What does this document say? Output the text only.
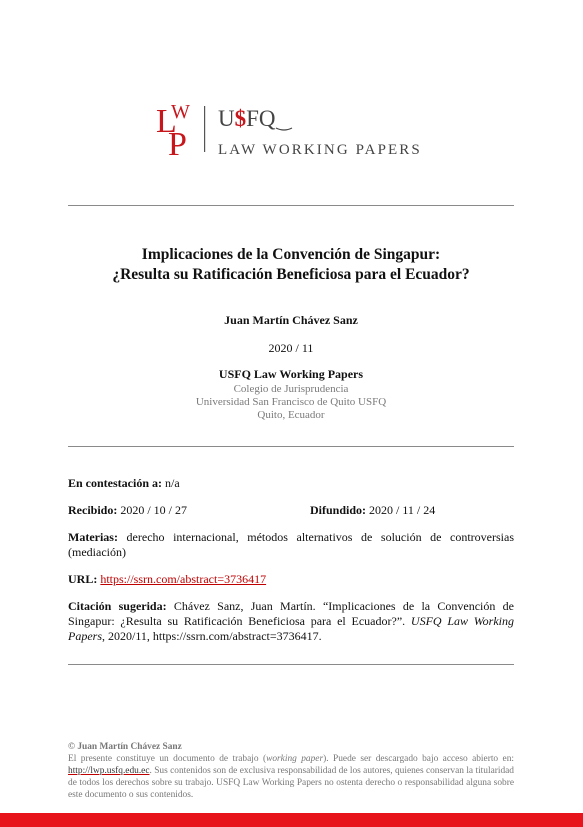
L
W
P
U$FQ
LAW WORKING PAPERS
Implicaciones de la Convención de Singapur:
¿Resulta su Ratificación Beneficiosa para el Ecuador?
Juan Martín Chávez Sanz
2020 / 11
USFQ Law Working Papers
Colegio de Jurisprudencia
Universidad San Francisco de Quito USFQ
Quito, Ecuador
En contestación a: n/a
Recibido: 2020 / 10 / 27	Difundido: 2020 / 11 / 24
Materias: derecho internacional, métodos alternativos de solución de controversias (mediación)
URL: https://ssrn.com/abstract=3736417
Citación sugerida: Chávez Sanz, Juan Martín. “Implicaciones de la Convención de Singapur: ¿Resulta su Ratificación Beneficiosa para el Ecuador?”. USFQ Law Working Papers, 2020/11, https://ssrn.com/abstract=3736417.
© Juan Martín Chávez Sanz
El presente constituye un documento de trabajo (working paper). Puede ser descargado bajo acceso abierto en: http://lwp.usfq.edu.ec. Sus contenidos son de exclusiva responsabilidad de los autores, quienes conservan la titularidad de todos los derechos sobre su trabajo. USFQ Law Working Papers no ostenta derecho o responsabilidad alguna sobre este documento o sus contenidos.
